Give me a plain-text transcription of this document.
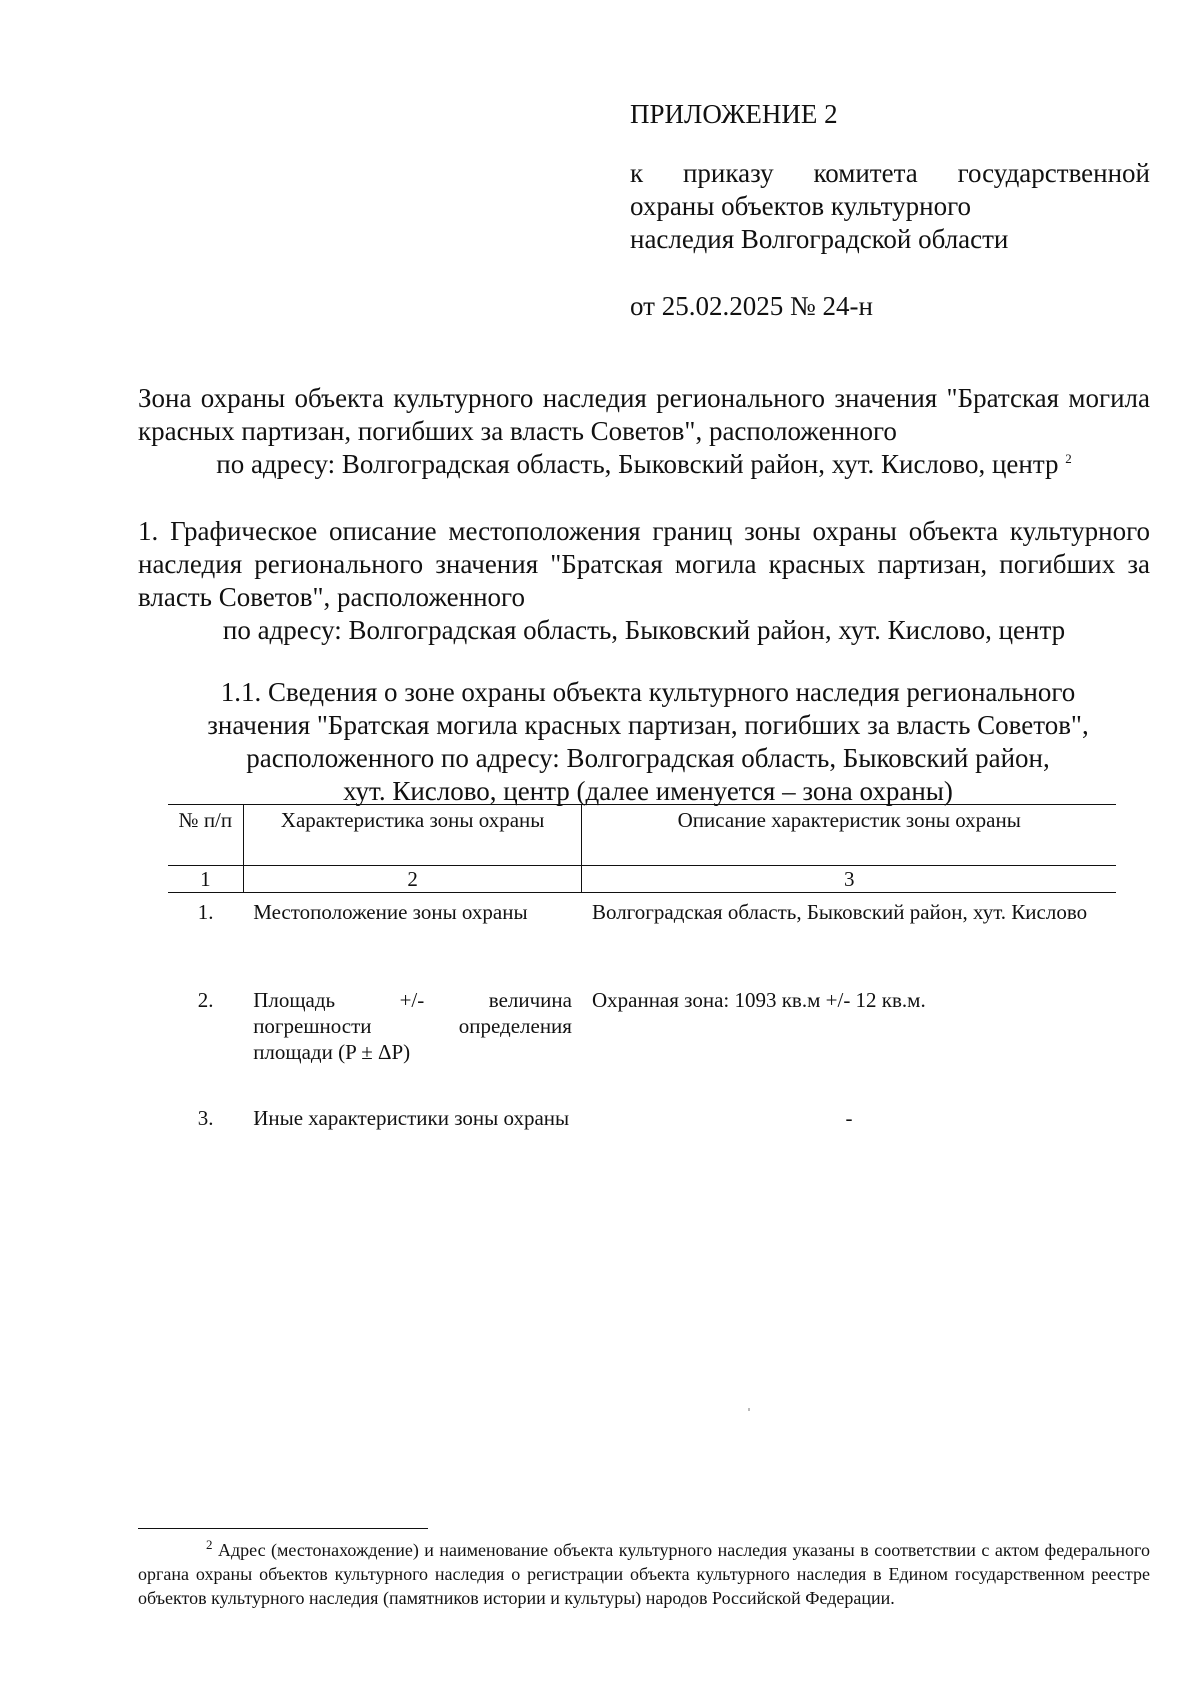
ПРИЛОЖЕНИЕ 2
к приказу комитета государственной
охраны объектов культурного
наследия Волгоградской области
от 25.02.2025 № 24-н
Зона охраны объекта культурного наследия регионального значения "Братская могила красных партизан, погибших за власть Советов", расположенного
по адресу: Волгоградская область, Быковский район, хут. Кислово, центр $^2$
1. Графическое описание местоположения границ зоны охраны объекта культурного наследия регионального значения "Братская могила красных партизан, погибших за власть Советов", расположенного
по адресу: Волгоградская область, Быковский район, хут. Кислово, центр
1.1. Сведения о зоне охраны объекта культурного наследия регионального
значения "Братская могила красных партизан, погибших за власть Советов",
расположенного по адресу: Волгоградская область, Быковский район,
хут. Кислово, центр (далее именуется – зона охраны)
№ п/п	Характеристика зоны охраны	Описание характеристик зоны охраны
1	2	3
1.	Местоположение зоны охраны	Волгоградская область, Быковский район, хут. Кислово
2.	Площадь +/- величина погрешности определения площади (P ± ΔP)	Охранная зона: 1093 кв.м +/- 12 кв.м.
3.	Иные характеристики зоны охраны	-
$^2$ Адрес (местонахождение) и наименование объекта культурного наследия указаны в соответствии с актом федерального органа охраны объектов культурного наследия о регистрации объекта культурного наследия в Едином государственном реестре объектов культурного наследия (памятников истории и культуры) народов Российской Федерации.
